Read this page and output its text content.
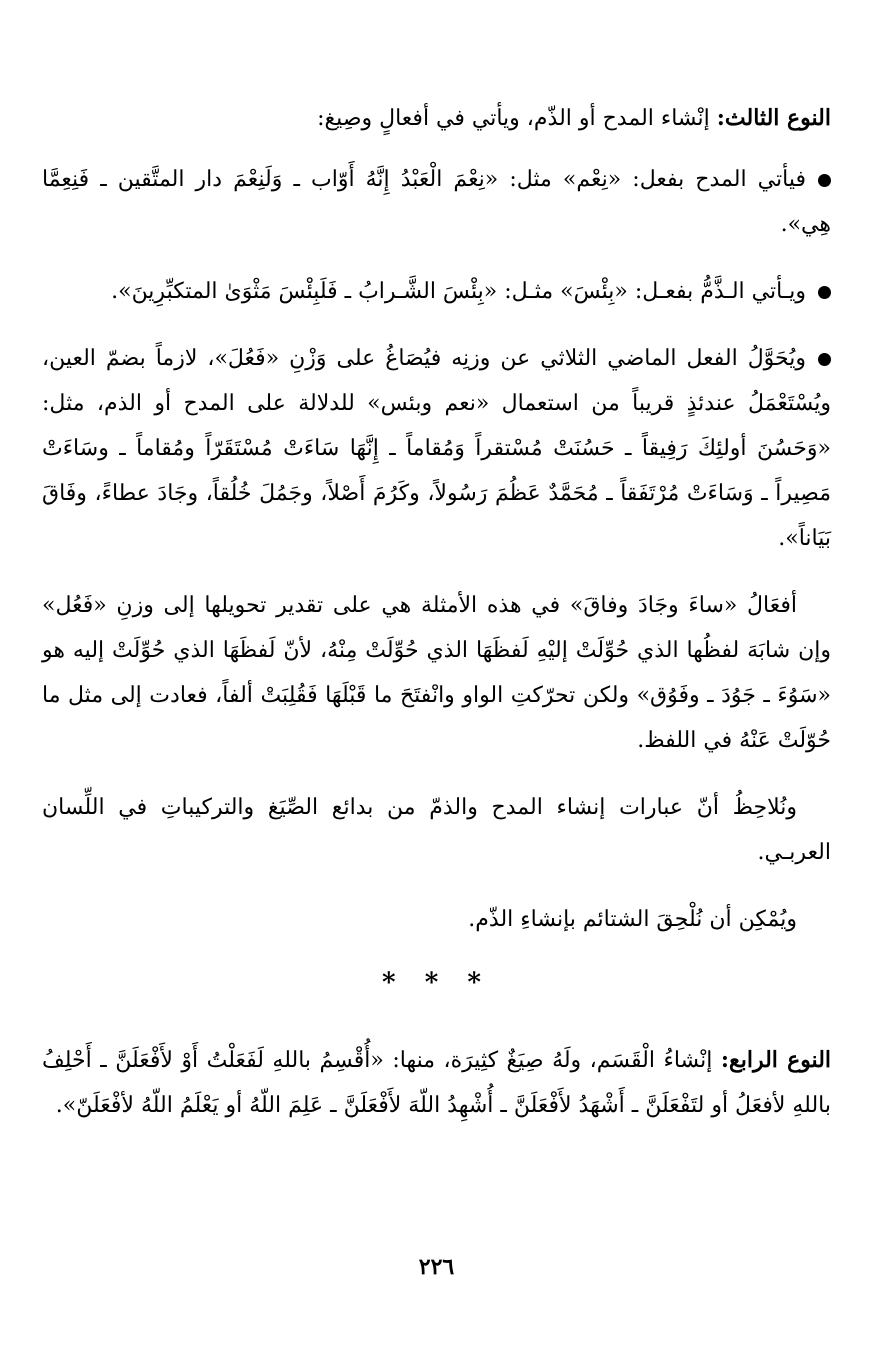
النوع الثالث: إنْشاء المدح أو الذّم، ويأتي في أفعالٍ وصِيغ:

فيأتي المدح بفعل: «نِعْم» مثل: «نِعْمَ الْعَبْدُ إِنَّهُ أَوّاب ـ وَلَنِعْمَ دار المتَّقين ـ فَنِعِمَّا هِي».

ويـأتي الـذَّمُّ بفعـل: «بِئْسَ» مثـل: «بِئْسَ الشَّـرابُ ـ فَلَبِئْسَ مَثْوَىٰ المتكبِّرِينَ».

ويُحَوَّلُ الفعل الماضي الثلاثي عن وزنِه فيُصَاغُ على وَزْنِ «فَعُلَ»، لازماً بضمّ العين، ويُسْتَعْمَلُ عندئذٍ قريباً من استعمال «نعم وبئس» للدلالة على المدح أو الذم، مثل: «وَحَسُنَ أولئِكَ رَفِيقاً ـ حَسُنَتْ مُسْتقراً وَمُقاماً ـ إِنَّهَا سَاءَتْ مُسْتَقَرّاً ومُقاماً ـ وسَاءَتْ مَصِيراً ـ وَسَاءَتْ مُرْتَفَقاً ـ مُحَمَّدٌ عَظُمَ رَسُولاً، وكَرُمَ أَصْلاً، وجَمُلَ خُلُقاً، وجَادَ عطاءً، وفَاقَ بَيَاناً».

أفعَالُ «ساءَ وجَادَ وفاقَ» في هذه الأمثلة هي على تقدير تحويلها إلى وزنِ «فَعُل» وإن شابَهَ لفظُها الذي حُوِّلَتْ إليْهِ لَفظَهَا الذي حُوِّلَتْ مِنْهُ، لأنّ لَفظَهَا الذي حُوِّلَتْ إليه هو «سَوُءَ ـ جَوُدَ ـ وفَوُق» ولكن تحرّكتِ الواو وانْفتَحَ ما قَبْلَهَا فَقُلِبَتْ ألفاً، فعادت إلى مثل ما حُوّلَتْ عَنْهُ في اللفظ.

ونُلاحِظُ أنّ عبارات إنشاء المدح والذمّ من بدائع الصِّيَغ والتركيباتِ في اللِّسان العربـي.

ويُمْكِن أن نُلْحِقَ الشتائم بإنشاءِ الذّم.

* * *

النوع الرابع: إنْشاءُ الْقَسَم، ولَهُ صِيَغٌ كثِيرَة، منها: «أُقْسِمُ باللهِ لَفَعَلْتُ أَوْ لأَفْعَلَنَّ ـ أَحْلِفُ باللهِ لأفعَلُ أو لتَفْعَلَنَّ ـ أَشْهَدُ لأَفْعَلَنَّ ـ أُشْهِدُ اللّهَ لأَفْعَلَنَّ ـ عَلِمَ اللّهُ أو يَعْلَمُ اللّهُ لأفْعَلَنّ».

٢٢٦
